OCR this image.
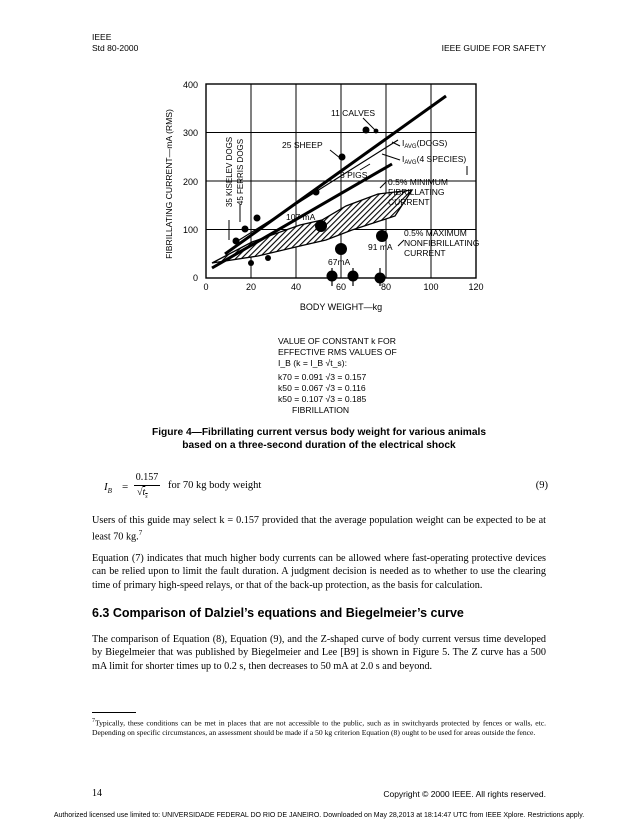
IEEE
Std 80-2000	IEEE GUIDE FOR SAFETY
400
300
200
100
0
0	20	40	60	80	100	120
BODY WEIGHT—kg
FIBRILLATING CURRENT—mA (RMS)	35 KISELEV DOGS 45 FERRIS DOGS
11 CALVES
25 SHEEP
3 PIGS
$I_{AVG}(DOGS)$
$I_{AVG}(4$ SPECIES)
0.5% MINIMUM
FIBRILLATING
CURRENT
0.5% MAXIMUM
NONFIBRILLATING
CURRENT
107 mA
91 mA
67mA
VALUE OF CONSTANT k FOR
EFFECTIVE RMS VALUES OF
I_B (k = I_B √t_s):
k70 = 0.091 √3 = 0.157
k50 = 0.067 √3 = 0.116
k50 = 0.107 √3 = 0.185
FIBRILLATION
Figure 4—Fibrillating current versus body weight for various animals
based on a three-second duration of the electrical shock
$I_B$ =
0.157
$√t_s$
for 70 kg body weight	(9)
Users of this guide may select k = 0.157 provided that the average population weight can be expected to be at least 70 kg.$^7$
Equation (7) indicates that much higher body currents can be allowed where fast-operating protective devices can be relied upon to limit the fault duration. A judgment decision is needed as to whether to use the clearing time of primary high-speed relays, or that of the back-up protection, as the basis for calculation.
6.3 Comparison of Dalziel’s equations and Biegelmeier’s curve
The comparison of Equation (8), Equation (9), and the Z-shaped curve of body current versus time developed by Biegelmeier that was published by Biegelmeier and Lee [B9] is shown in Figure 5. The Z curve has a 500 mA limit for shorter times up to 0.2 s, then decreases to 50 mA at 2.0 s and beyond.
$^7$Typically, these conditions can be met in places that are not accessible to the public, such as in switchyards protected by fences or walls, etc. Depending on specific circumstances, an assessment should be made if a 50 kg criterion Equation (8) ought to be used for areas outside the fence.
14	Copyright © 2000 IEEE. All rights reserved.
Authorized licensed use limited to: UNIVERSIDADE FEDERAL DO RIO DE JANEIRO. Downloaded on May 28,2013 at 18:14:47 UTC from IEEE Xplore. Restrictions apply.
